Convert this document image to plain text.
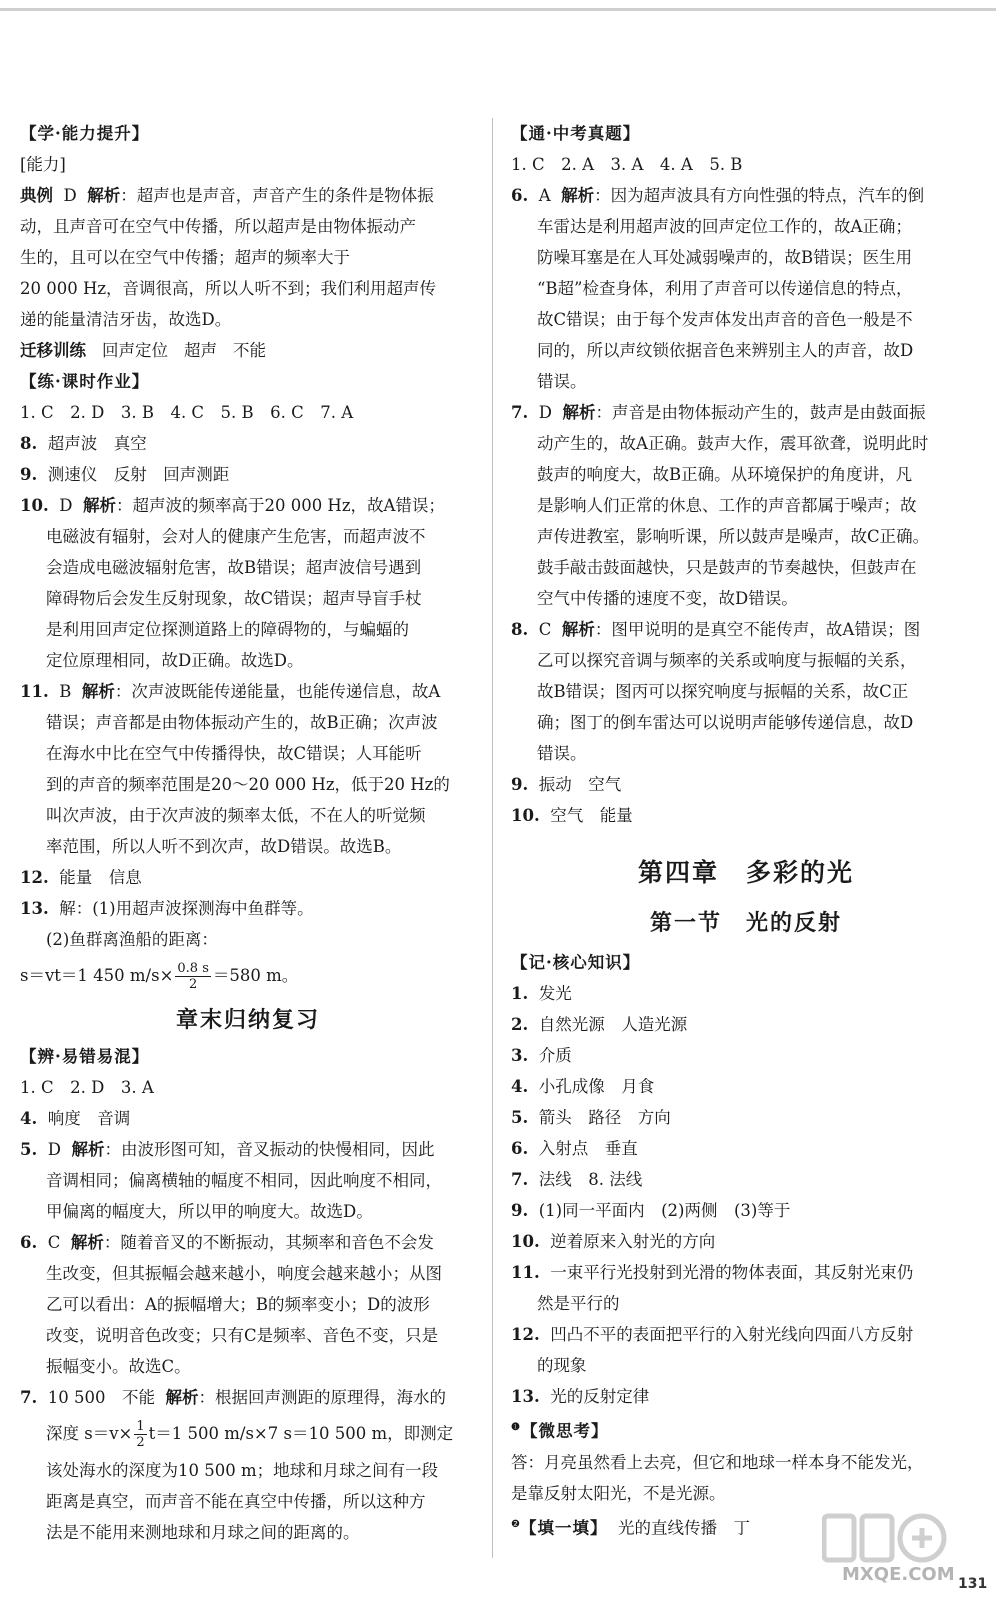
【学·能力提升】
[能力]
典例 D 解析：超声也是声音，声音产生的条件是物体振
动，且声音可在空气中传播，所以超声是由物体振动产
生的，且可以在空气中传播；超声的频率大于
20 000 Hz，音调很高，所以人听不到；我们利用超声传
递的能量清洁牙齿，故选D。
迁移训练 回声定位 超声 不能
【练·课时作业】
1. C　2. D　3. B　4. C　5. B　6. C　7. A
8. 超声波　真空
9. 测速仪　反射　回声测距
10. D 解析：超声波的频率高于20 000 Hz，故A错误；
电磁波有辐射，会对人的健康产生危害，而超声波不
会造成电磁波辐射危害，故B错误；超声波信号遇到
障碍物后会发生反射现象，故C错误；超声导盲手杖
是利用回声定位探测道路上的障碍物的，与蝙蝠的
定位原理相同，故D正确。故选D。
11. B 解析：次声波既能传递能量，也能传递信息，故A
错误；声音都是由物体振动产生的，故B正确；次声波
在海水中比在空气中传播得快，故C错误；人耳能听
到的声音的频率范围是20～20 000 Hz，低于20 Hz的
叫次声波，由于次声波的频率太低，不在人的听觉频
率范围，所以人听不到次声，故D错误。故选B。
12. 能量　信息
13. 解：(1)用超声波探测海中鱼群等。
(2)鱼群离渔船的距离：
s＝vt＝1 450 $m/s\times \frac{0.8 s}{2} =580$ m。
章末归纳复习
【辨·易错易混】
1. C　2. D　3. A
4. 响度　音调
5. D 解析：由波形图可知，音叉振动的快慢相同，因此
音调相同；偏离横轴的幅度不相同，因此响度不相同，
甲偏离的幅度大，所以甲的响度大。故选D。
6. C 解析：随着音叉的不断振动，其频率和音色不会发
生改变，但其振幅会越来越小，响度会越来越小；从图
乙可以看出：A的振幅增大；B的频率变小；D的波形
改变，说明音色改变；只有C是频率、音色不变，只是
振幅变小。故选C。
7. 10 500　不能 解析：根据回声测距的原理得，海水的
深度 $s=v\times \frac{1}{2} t=1$ 500 m/s×7 s＝10 500 m，即测定
该处海水的深度为10 500 m；地球和月球之间有一段
距离是真空，而声音不能在真空中传播，所以这种方
法是不能用来测地球和月球之间的距离的。
【通·中考真题】
1. C　2. A　3. A　4. A　5. B
6. A 解析：因为超声波具有方向性强的特点，汽车的倒
车雷达是利用超声波的回声定位工作的，故A正确；
防噪耳塞是在人耳处减弱噪声的，故B错误；医生用
“B超”检查身体，利用了声音可以传递信息的特点，
故C错误；由于每个发声体发出声音的音色一般是不
同的，所以声纹锁依据音色来辨别主人的声音，故D
错误。
7. D 解析：声音是由物体振动产生的，鼓声是由鼓面振
动产生的，故A正确。鼓声大作，震耳欲聋，说明此时
鼓声的响度大，故B正确。从环境保护的角度讲，凡
是影响人们正常的休息、工作的声音都属于噪声；故
声传进教室，影响听课，所以鼓声是噪声，故C正确。
鼓手敲击鼓面越快，只是鼓声的节奏越快，但鼓声在
空气中传播的速度不变，故D错误。
8. C 解析：图甲说明的是真空不能传声，故A错误；图
乙可以探究音调与频率的关系或响度与振幅的关系，
故B错误；图丙可以探究响度与振幅的关系，故C正
确；图丁的倒车雷达可以说明声能够传递信息，故D
错误。
9. 振动　空气
10. 空气　能量
第四章　多彩的光
第一节　光的反射
【记·核心知识】
1. 发光
2. 自然光源　人造光源
3. 介质
4. 小孔成像　月食
5. 箭头　路径　方向
6. 入射点　垂直
7. 法线　8. 法线
9. (1)同一平面内　(2)两侧　(3)等于
10. 逆着原来入射光的方向
11. 一束平行光投射到光滑的物体表面，其反射光束仍
然是平行的
12. 凹凸不平的表面把平行的入射光线向四面八方反射
的现象
13. 光的反射定律
$^❶$【微思考】
答：月亮虽然看上去亮，但它和地球一样本身不能发光，
是靠反射太阳光，不是光源。
$^❷$【填一填】 光的直线传播　丁
MXQE.COM 131
